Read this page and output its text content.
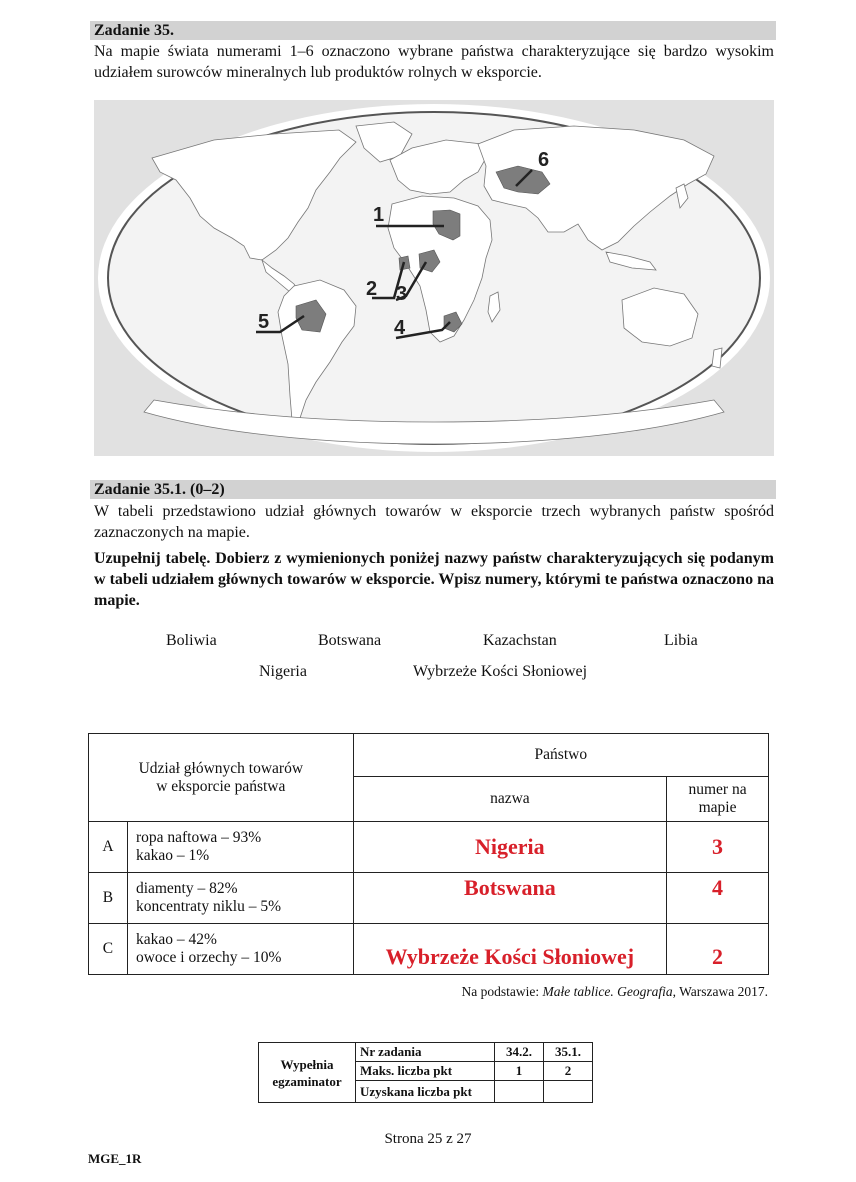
Zadanie 35.
Na mapie świata numerami 1–6 oznaczono wybrane państwa charakteryzujące się bardzo wysokim udziałem surowców mineralnych lub produktów rolnych w eksporcie.
1
2 3
4
5
6
Zadanie 35.1. (0–2)
W tabeli przedstawiono udział głównych towarów w eksporcie trzech wybranych państw spośród zaznaczonych na mapie.
Uzupełnij tabelę. Dobierz z wymienionych poniżej nazwy państw charakteryzujących się podanym w tabeli udziałem głównych towarów w eksporcie. Wpisz numery, którymi te państwa oznaczono na mapie.
Boliwia	Botswana	Kazachstan	Libia
Nigeria	Wybrzeże Kości Słoniowej
Udział głównych towarów
w eksporcie państwa		Państwo	
		nazwa	numer na
mapie

A	ropa naftowa – 93%
kakao – 1%	Nigeria	3
B	diamenty – 82%
koncentraty niklu – 5%	Botswana	4
C	kakao – 42%
owoce i orzechy – 10%	Wybrzeże Kości Słoniowej	2
Na podstawie: Małe tablice. Geografia, Warszawa 2017.
Wypełnia
egzaminator	Nr zadania	34.2.	35.1.
	Maks. liczba pkt	1	2
	Uzyskana liczba pkt		
Strona 25 z 27
MGE_1R
